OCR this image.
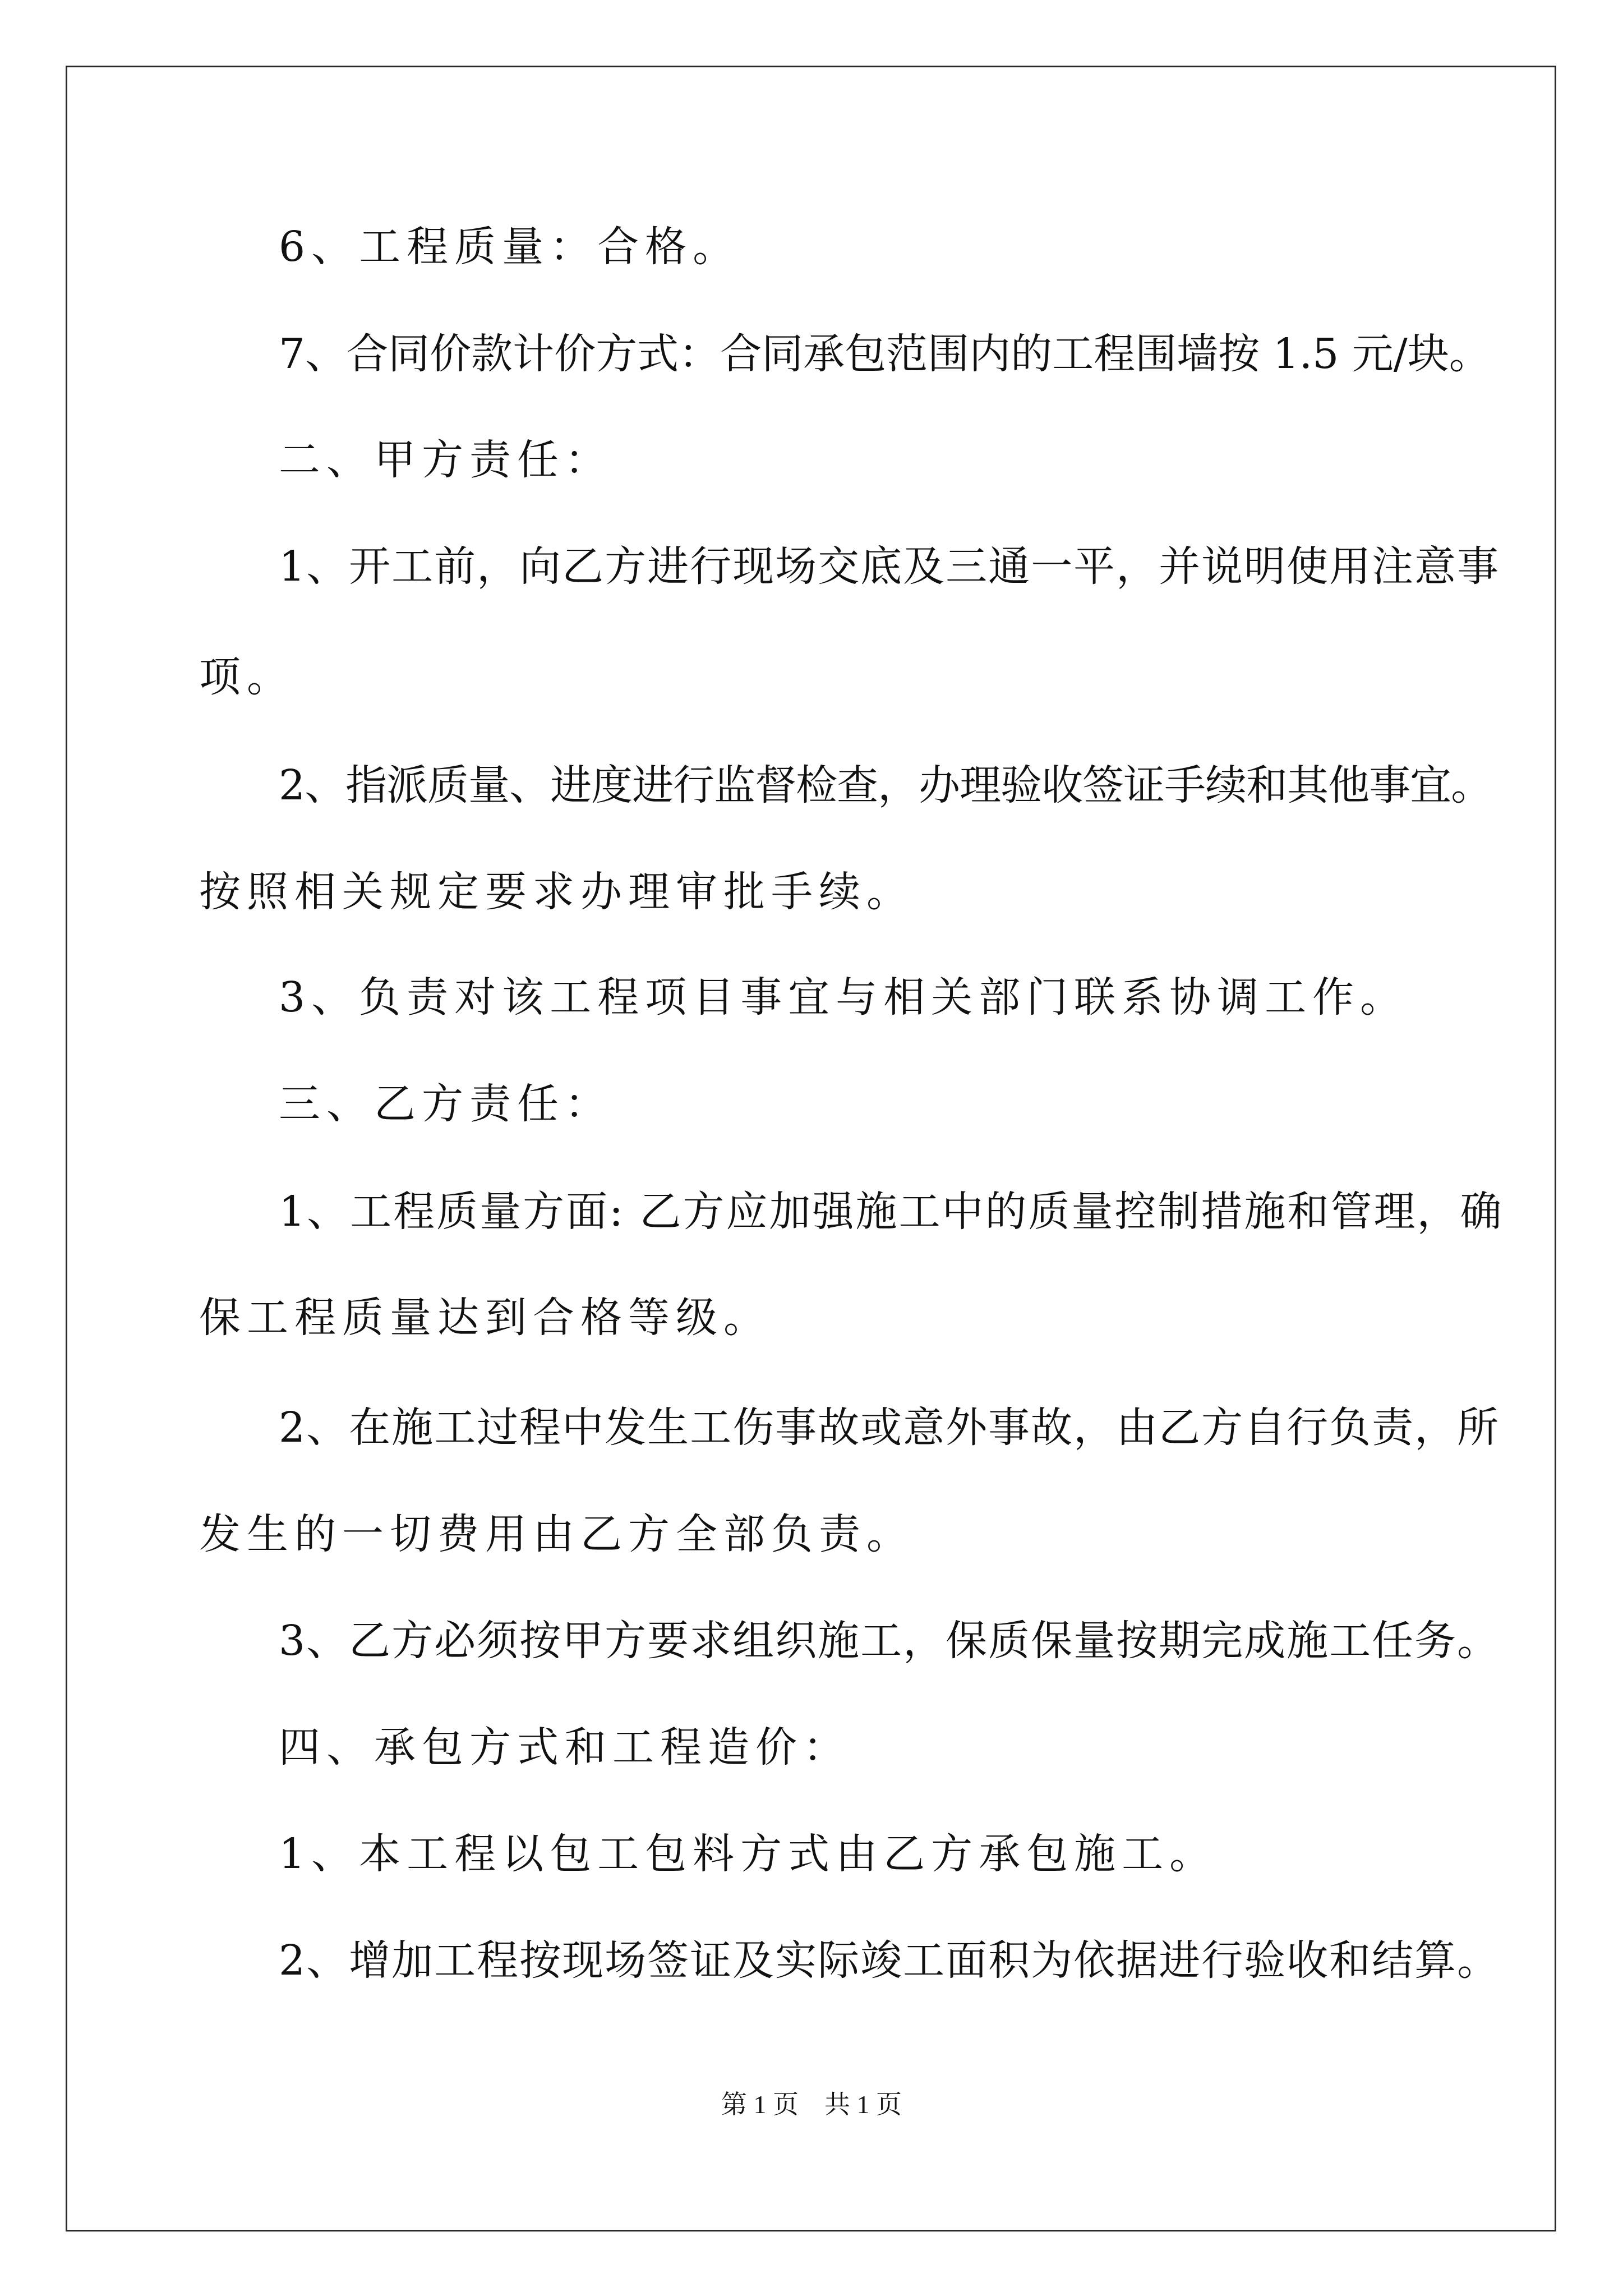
6、工程质量：合格。
7、合同价款计价方式：合同承包范围内的工程围墙按 1.5 元/块。
二、甲方责任：
1、开工前，向乙方进行现场交底及三通一平，并说明使用注意事
项。
2、指派质量、进度进行监督检查，办理验收签证手续和其他事宜。
按照相关规定要求办理审批手续。
3、负责对该工程项目事宜与相关部门联系协调工作。
三、乙方责任：
1、工程质量方面: 乙方应加强施工中的质量控制措施和管理，确
保工程质量达到合格等级。
2、在施工过程中发生工伤事故或意外事故，由乙方自行负责，所
发生的一切费用由乙方全部负责。
3、乙方必须按甲方要求组织施工，保质保量按期完成施工任务。
四、承包方式和工程造价：
1、本工程以包工包料方式由乙方承包施工。
2、增加工程按现场签证及实际竣工面积为依据进行验收和结算。
第 1 页　共 1 页
